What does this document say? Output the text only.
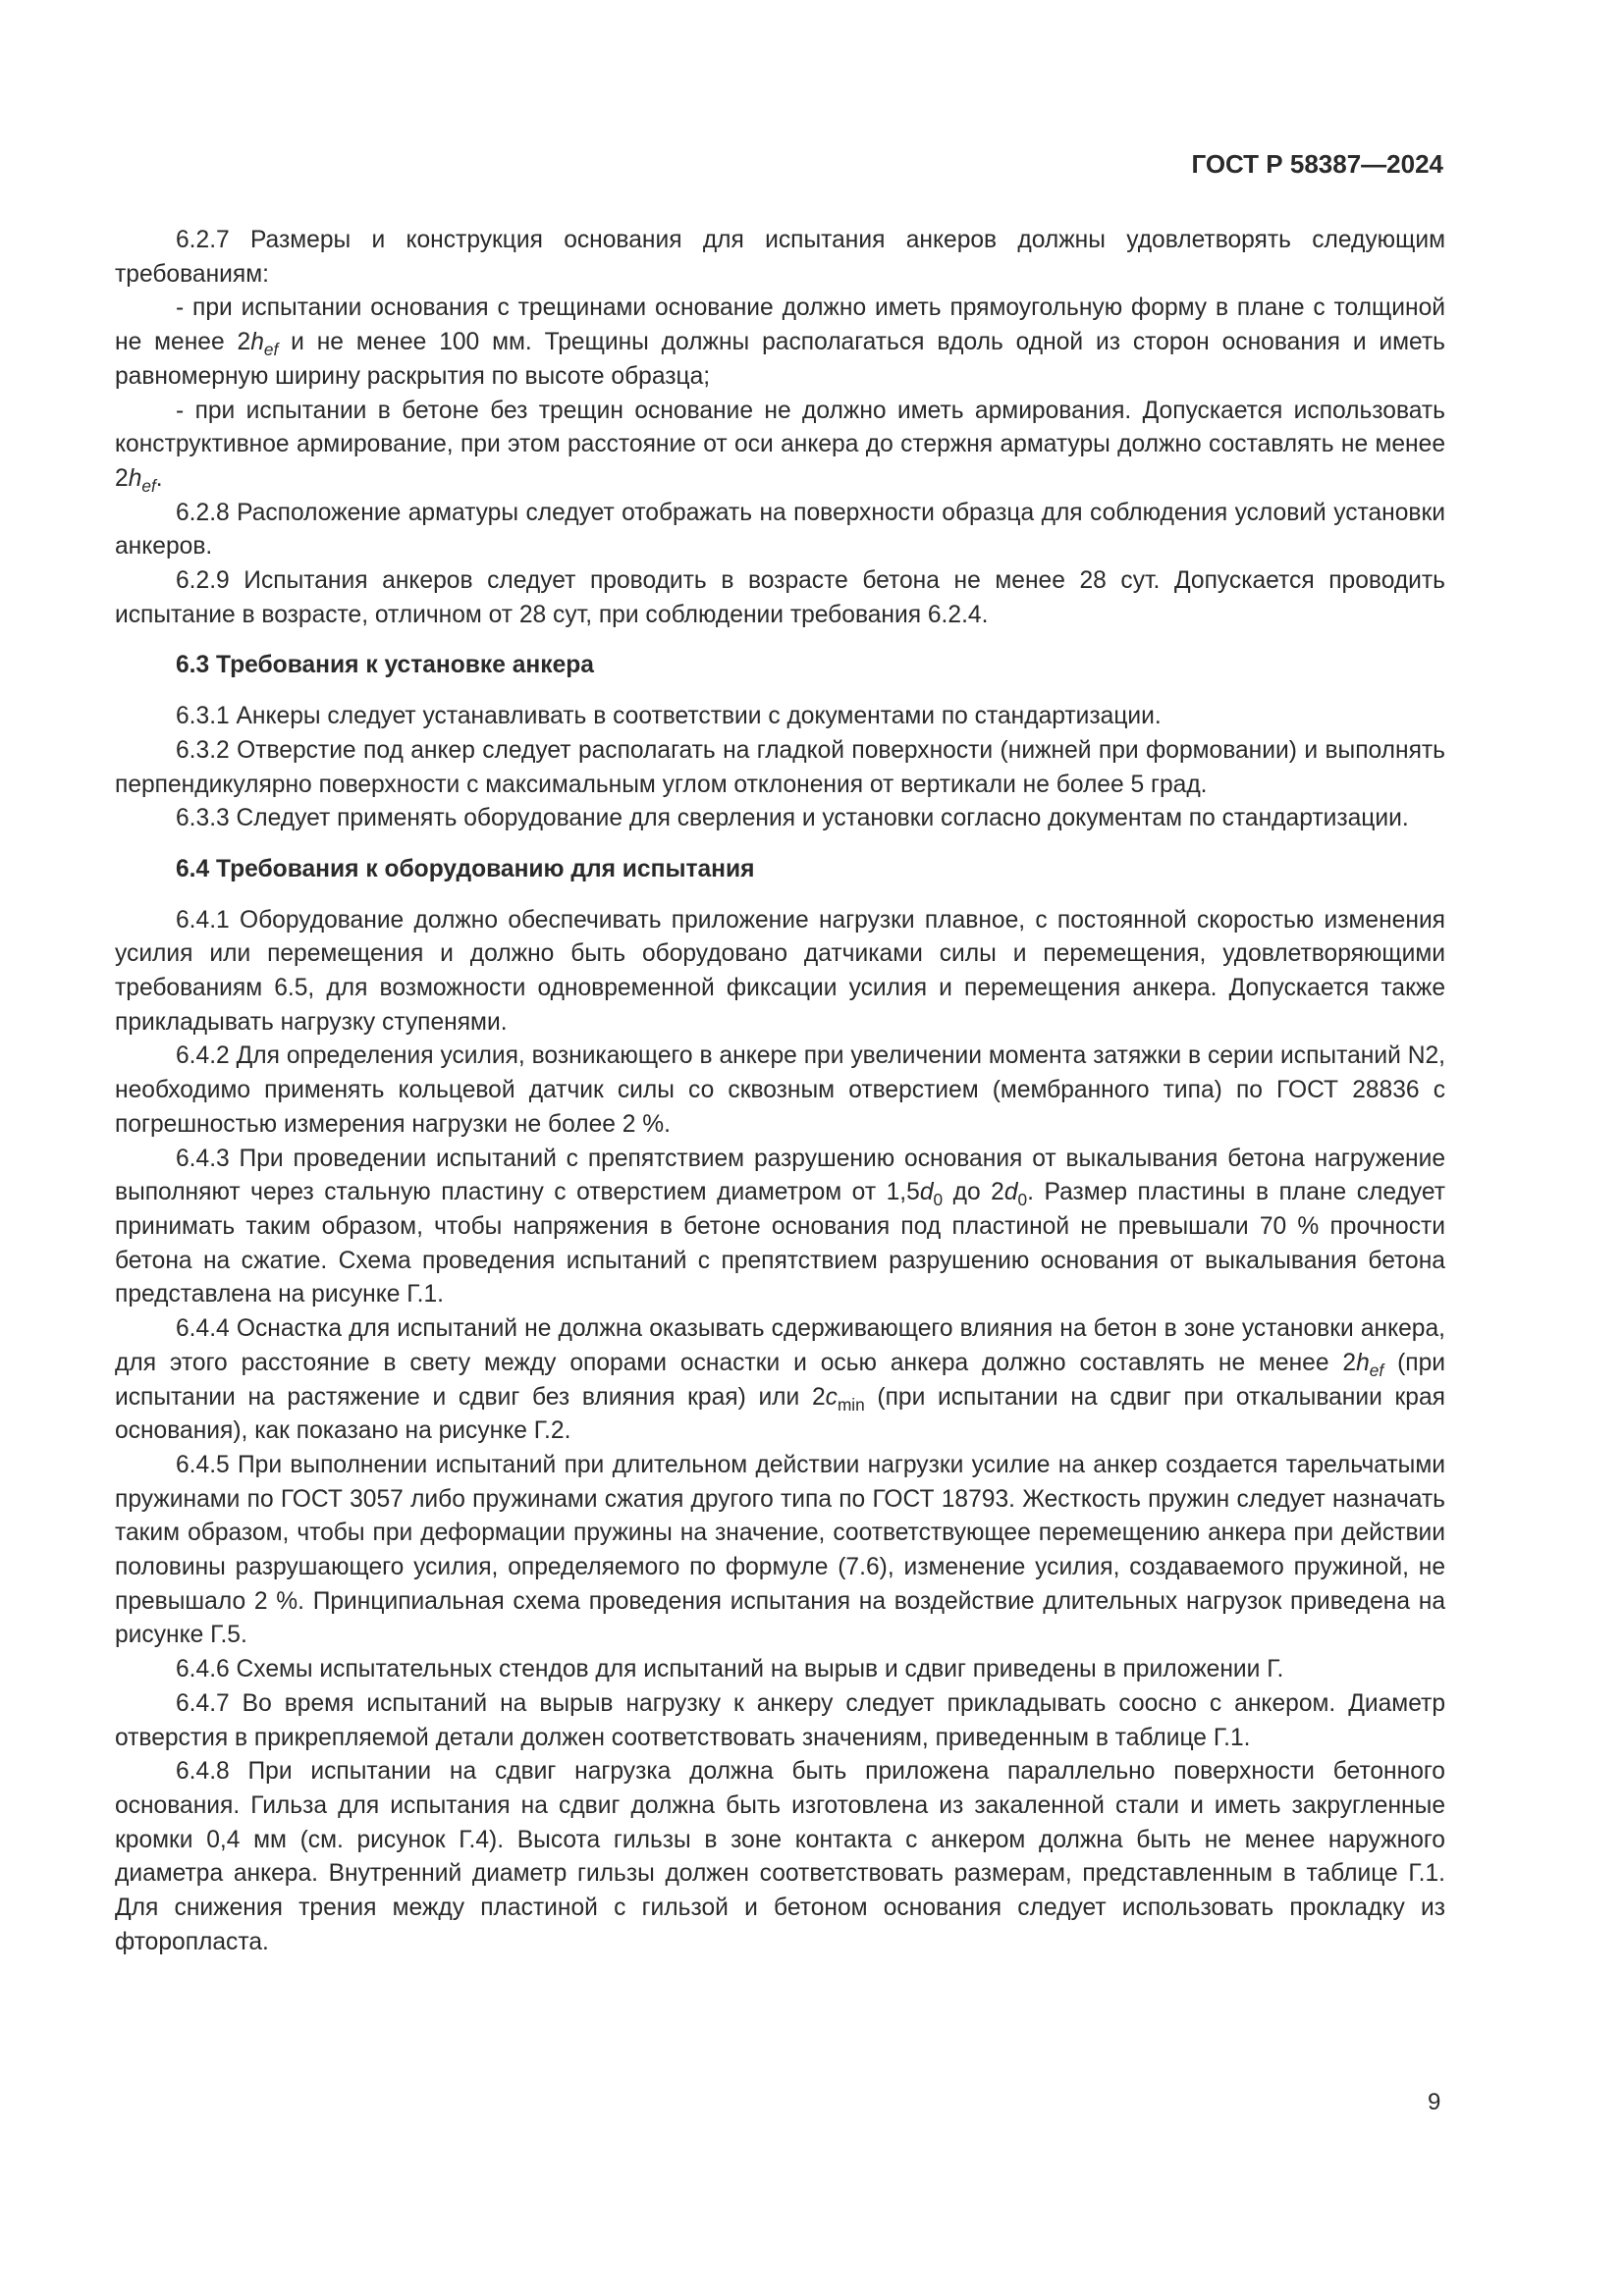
ГОСТ Р 58387—2024

6.2.7 Размеры и конструкция основания для испытания анкеров должны удовлетворять следующим требованиям:

- при испытании основания с трещинами основание должно иметь прямоугольную форму в плане с толщиной не менее $2h_{ef}$ и не менее 100 мм. Трещины должны располагаться вдоль одной из сторон основания и иметь равномерную ширину раскрытия по высоте образца;

- при испытании в бетоне без трещин основание не должно иметь армирования. Допускается использовать конструктивное армирование, при этом расстояние от оси анкера до стержня арматуры должно составлять не менее $2h_{ef}$.

6.2.8 Расположение арматуры следует отображать на поверхности образца для соблюдения условий установки анкеров.

6.2.9 Испытания анкеров следует проводить в возрасте бетона не менее 28 сут. Допускается проводить испытание в возрасте, отличном от 28 сут, при соблюдении требования 6.2.4.

6.3 Требования к установке анкера

6.3.1 Анкеры следует устанавливать в соответствии с документами по стандартизации.

6.3.2 Отверстие под анкер следует располагать на гладкой поверхности (нижней при формовании) и выполнять перпендикулярно поверхности с максимальным углом отклонения от вертикали не более 5 град.

6.3.3 Следует применять оборудование для сверления и установки согласно документам по стандартизации.

6.4 Требования к оборудованию для испытания

6.4.1 Оборудование должно обеспечивать приложение нагрузки плавное, с постоянной скоростью изменения усилия или перемещения и должно быть оборудовано датчиками силы и перемещения, удовлетворяющими требованиям 6.5, для возможности одновременной фиксации усилия и перемещения анкера. Допускается также прикладывать нагрузку ступенями.

6.4.2 Для определения усилия, возникающего в анкере при увеличении момента затяжки в серии испытаний N2, необходимо применять кольцевой датчик силы со сквозным отверстием (мембранного типа) по ГОСТ 28836 с погрешностью измерения нагрузки не более 2 %.

6.4.3 При проведении испытаний с препятствием разрушению основания от выкалывания бетона нагружение выполняют через стальную пластину с отверстием диаметром от $1,5d_0$ до $2d_0$. Размер пластины в плане следует принимать таким образом, чтобы напряжения в бетоне основания под пластиной не превышали 70 % прочности бетона на сжатие. Схема проведения испытаний с препятствием разрушению основания от выкалывания бетона представлена на рисунке Г.1.

6.4.4 Оснастка для испытаний не должна оказывать сдерживающего влияния на бетон в зоне установки анкера, для этого расстояние в свету между опорами оснастки и осью анкера должно составлять не менее $2h_{ef}$ (при испытании на растяжение и сдвиг без влияния края) или $2c_{min}$ (при испытании на сдвиг при откалывании края основания), как показано на рисунке Г.2.

6.4.5 При выполнении испытаний при длительном действии нагрузки усилие на анкер создается тарельчатыми пружинами по ГОСТ 3057 либо пружинами сжатия другого типа по ГОСТ 18793. Жесткость пружин следует назначать таким образом, чтобы при деформации пружины на значение, соответствующее перемещению анкера при действии половины разрушающего усилия, определяемого по формуле (7.6), изменение усилия, создаваемого пружиной, не превышало 2 %. Принципиальная схема проведения испытания на воздействие длительных нагрузок приведена на рисунке Г.5.

6.4.6 Схемы испытательных стендов для испытаний на вырыв и сдвиг приведены в приложении Г.

6.4.7 Во время испытаний на вырыв нагрузку к анкеру следует прикладывать соосно с анкером. Диаметр отверстия в прикрепляемой детали должен соответствовать значениям, приведенным в таблице Г.1.

6.4.8 При испытании на сдвиг нагрузка должна быть приложена параллельно поверхности бетонного основания. Гильза для испытания на сдвиг должна быть изготовлена из закаленной стали и иметь закругленные кромки 0,4 мм (см. рисунок Г.4). Высота гильзы в зоне контакта с анкером должна быть не менее наружного диаметра анкера. Внутренний диаметр гильзы должен соответствовать размерам, представленным в таблице Г.1. Для снижения трения между пластиной с гильзой и бетоном основания следует использовать прокладку из фторопласта.

9
